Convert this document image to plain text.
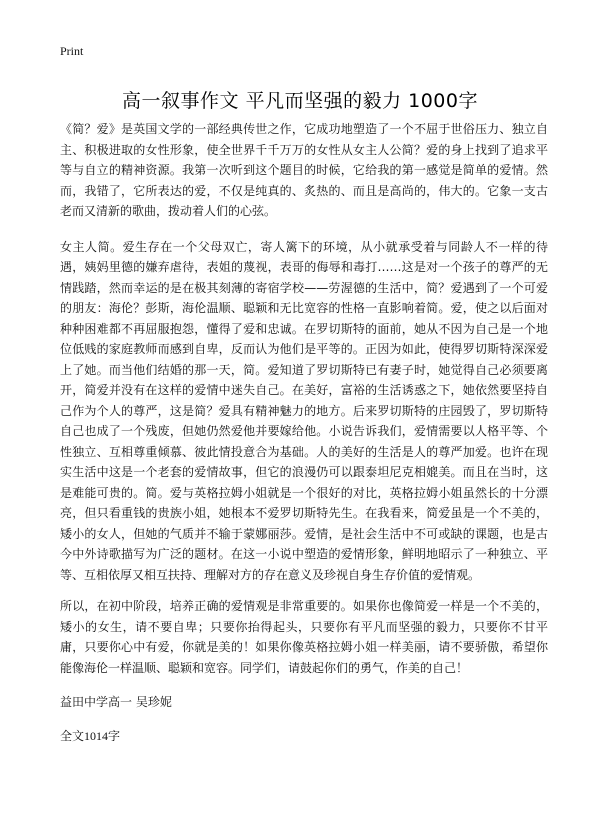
Print
高一叙事作文 平凡而坚强的毅力 1000字

《简？爱》是英国文学的一部经典传世之作，它成功地塑造了一个不屈于世俗压力、独立自主、积极进取的女性形象，使全世界千千万万的女性从女主人公简？爱的身上找到了追求平等与自立的精神资源。我第一次听到这个题目的时候，它给我的第一感觉是简单的爱情。然而，我错了，它所表达的爱，不仅是纯真的、炙热的、而且是高尚的，伟大的。它象一支古老而又清新的歌曲，拨动着人们的心弦。

女主人简。爱生存在一个父母双亡，寄人篱下的环境，从小就承受着与同龄人不一样的待遇，姨妈里德的嫌弃虐待，表姐的蔑视，表哥的侮辱和毒打……这是对一个孩子的尊严的无情践踏，然而幸运的是在极其刻薄的寄宿学校——劳渥德的生活中，简？爱遇到了一个可爱的朋友：海伦？彭斯，海伦温顺、聪颖和无比宽容的性格一直影响着简。爱，使之以后面对种种困难都不再屈服抱怨，懂得了爱和忠诚。在罗切斯特的面前，她从不因为自己是一个地位低贱的家庭教师而感到自卑，反而认为他们是平等的。正因为如此，使得罗切斯特深深爱上了她。而当他们结婚的那一天，简。爱知道了罗切斯特已有妻子时，她觉得自己必须要离开，简爱并没有在这样的爱情中迷失自己。在美好，富裕的生活诱惑之下，她依然要坚持自己作为个人的尊严，这是简？爱具有精神魅力的地方。后来罗切斯特的庄园毁了，罗切斯特自己也成了一个残废，但她仍然爱他并要嫁给他。小说告诉我们，爱情需要以人格平等、个性独立、互相尊重倾慕、彼此情投意合为基础。人的美好的生活是人的尊严加爱。也许在现实生活中这是一个老套的爱情故事，但它的浪漫仍可以跟泰坦尼克相媲美。而且在当时，这是难能可贵的。简。爱与英格拉姆小姐就是一个很好的对比，英格拉姆小姐虽然长的十分漂亮，但只看重钱的贵族小姐，她根本不爱罗切斯特先生。在我看来，简爱虽是一个不美的，矮小的女人，但她的气质并不输于蒙娜丽莎。爱情，是社会生活中不可或缺的课题，也是古今中外诗歌描写为广泛的题材。在这一小说中塑造的爱情形象，鲜明地昭示了一种独立、平等、互相依厚又相互扶持、理解对方的存在意义及珍视自身生存价值的爱情观。

所以，在初中阶段，培养正确的爱情观是非常重要的。如果你也像简爱一样是一个不美的，矮小的女生，请不要自卑；只要你抬得起头，只要你有平凡而坚强的毅力，只要你不甘平庸，只要你心中有爱，你就是美的！如果你像英格拉姆小姐一样美丽，请不要骄傲，希望你能像海伦一样温顺、聪颖和宽容。同学们，请鼓起你们的勇气，作美的自己！

益田中学高一 吴珍妮
全文1014字
